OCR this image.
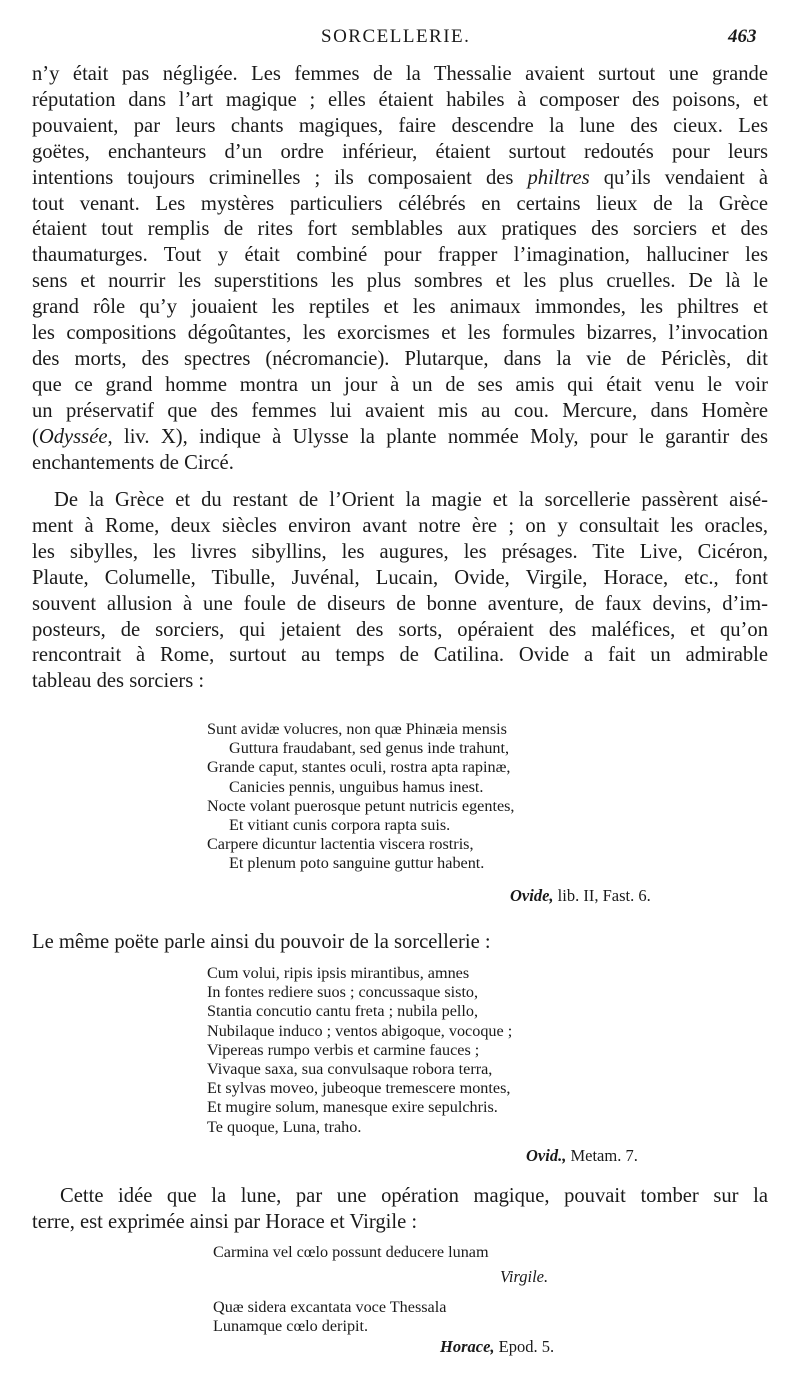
SORCELLERIE.	463
n’y était pas négligée. Les femmes de la Thessalie avaient surtout une grande
réputation dans l’art magique ; elles étaient habiles à composer des poisons, et
pouvaient, par leurs chants magiques, faire descendre la lune des cieux. Les
goëtes, enchanteurs d’un ordre inférieur, étaient surtout redoutés pour leurs
intentions toujours criminelles ; ils composaient des philtres qu’ils vendaient à
tout venant. Les mystères particuliers célébrés en certains lieux de la Grèce
étaient tout remplis de rites fort semblables aux pratiques des sorciers et des
thaumaturges. Tout y était combiné pour frapper l’imagination, halluciner les
sens et nourrir les superstitions les plus sombres et les plus cruelles. De là le
grand rôle qu’y jouaient les reptiles et les animaux immondes, les philtres et
les compositions dégoûtantes, les exorcismes et les formules bizarres, l’invocation
des morts, des spectres (nécromancie). Plutarque, dans la vie de Périclès, dit
que ce grand homme montra un jour à un de ses amis qui était venu le voir
un préservatif que des femmes lui avaient mis au cou. Mercure, dans Homère
(Odyssée, liv. X), indique à Ulysse la plante nommée Moly, pour le garantir des
enchantements de Circé.
De la Grèce et du restant de l’Orient la magie et la sorcellerie passèrent aisé-
ment à Rome, deux siècles environ avant notre ère ; on y consultait les oracles,
les sibylles, les livres sibyllins, les augures, les présages. Tite Live, Cicéron,
Plaute, Columelle, Tibulle, Juvénal, Lucain, Ovide, Virgile, Horace, etc., font
souvent allusion à une foule de diseurs de bonne aventure, de faux devins, d’im-
posteurs, de sorciers, qui jetaient des sorts, opéraient des maléfices, et qu’on
rencontrait à Rome, surtout au temps de Catilina. Ovide a fait un admirable
tableau des sorciers :
Sunt avidæ volucres, non quæ Phinæia mensis
Guttura fraudabant, sed genus inde trahunt,
Grande caput, stantes oculi, rostra apta rapinæ,
Canicies pennis, unguibus hamus inest.
Nocte volant puerosque petunt nutricis egentes,
Et vitiant cunis corpora rapta suis.
Carpere dicuntur lactentia viscera rostris,
Et plenum poto sanguine guttur habent.
Ovide, lib. II, Fast. 6.
Le même poëte parle ainsi du pouvoir de la sorcellerie :
Cum volui, ripis ipsis mirantibus, amnes
In fontes rediere suos ; concussaque sisto,
Stantia concutio cantu freta ; nubila pello,
Nubilaque induco ; ventos abigoque, vocoque ;
Vipereas rumpo verbis et carmine fauces ;
Vivaque saxa, sua convulsaque robora terra,
Et sylvas moveo, jubeoque tremescere montes,
Et mugire solum, manesque exire sepulchris.
Te quoque, Luna, traho.
Ovid., Metam. 7.
Cette idée que la lune, par une opération magique, pouvait tomber sur la
terre, est exprimée ainsi par Horace et Virgile :
Carmina vel cœlo possunt deducere lunam
Virgile.
Quæ sidera excantata voce Thessala
Lunamque cœlo deripit.
Horace, Epod. 5.
